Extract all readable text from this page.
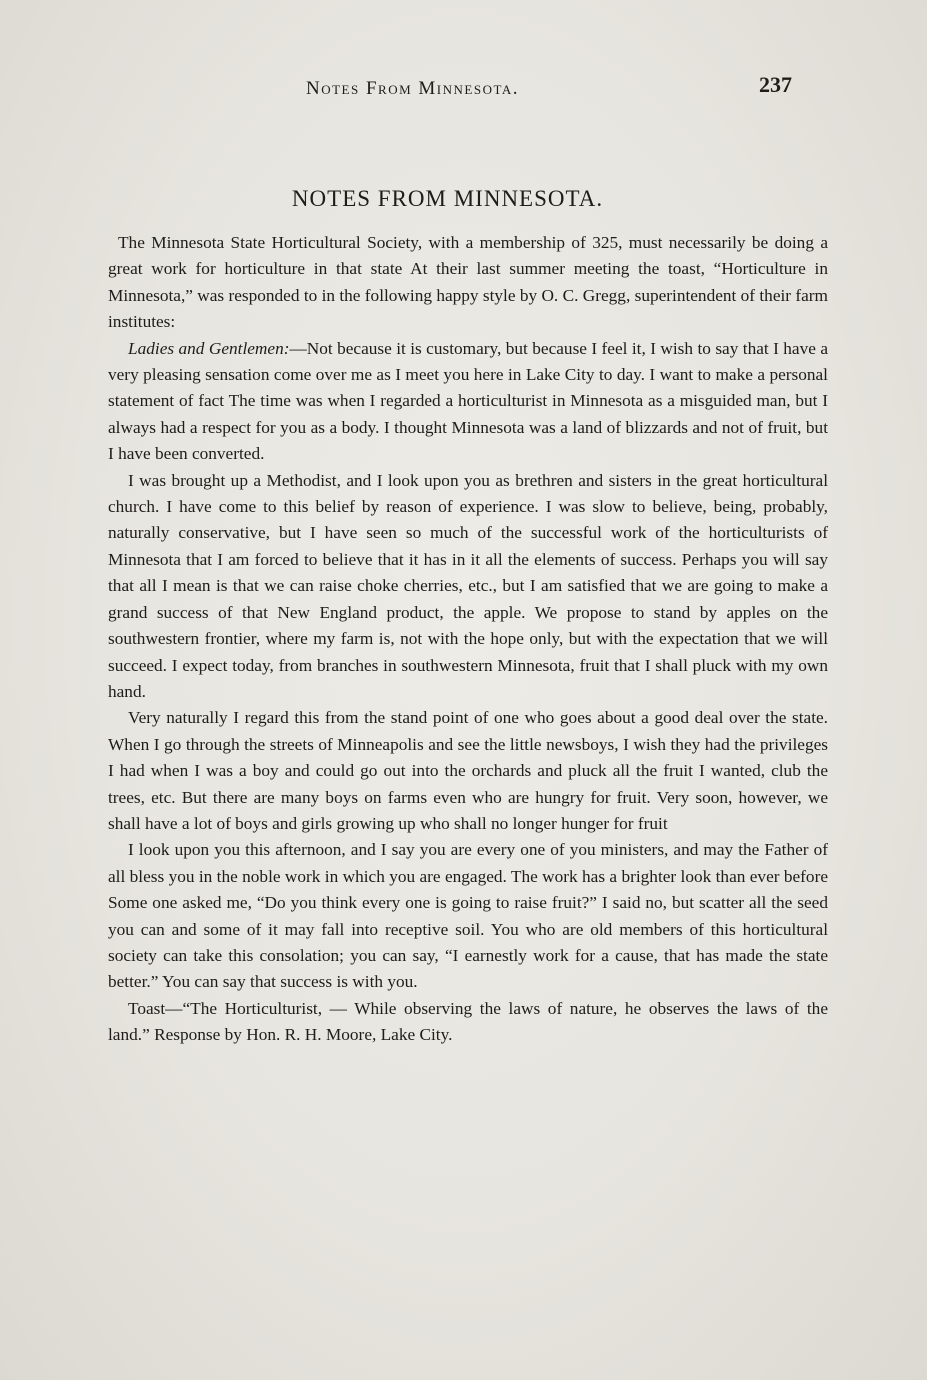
Notes From Minnesota.	237
NOTES FROM MINNESOTA.

The Minnesota State Horticultural Society, with a membership of 325, must necessarily be doing a great work for horticulture in that state At their last summer meeting the toast, “Horticulture in Minnesota,” was responded to in the following happy style by O. C. Gregg, superintendent of their farm institutes:

Ladies and Gentlemen:—Not because it is customary, but because I feel it, I wish to say that I have a very pleasing sensation come over me as I meet you here in Lake City to day. I want to make a personal statement of fact The time was when I regarded a horticulturist in Minnesota as a misguided man, but I always had a respect for you as a body. I thought Minnesota was a land of blizzards and not of fruit, but I have been converted.

I was brought up a Methodist, and I look upon you as brethren and sisters in the great horticultural church. I have come to this belief by reason of experience. I was slow to believe, being, probably, naturally conservative, but I have seen so much of the successful work of the horticulturists of Minnesota that I am forced to believe that it has in it all the elements of success. Perhaps you will say that all I mean is that we can raise choke cherries, etc., but I am satisfied that we are going to make a grand success of that New England product, the apple. We propose to stand by apples on the southwestern frontier, where my farm is, not with the hope only, but with the expectation that we will succeed. I expect today, from branches in southwestern Minnesota, fruit that I shall pluck with my own hand.

Very naturally I regard this from the stand point of one who goes about a good deal over the state. When I go through the streets of Minneapolis and see the little newsboys, I wish they had the privileges I had when I was a boy and could go out into the orchards and pluck all the fruit I wanted, club the trees, etc. But there are many boys on farms even who are hungry for fruit. Very soon, however, we shall have a lot of boys and girls growing up who shall no longer hunger for fruit

I look upon you this afternoon, and I say you are every one of you ministers, and may the Father of all bless you in the noble work in which you are engaged. The work has a brighter look than ever before Some one asked me, “Do you think every one is going to raise fruit?” I said no, but scatter all the seed you can and some of it may fall into receptive soil. You who are old members of this horticultural society can take this consolation; you can say, “I earnestly work for a cause, that has made the state better.” You can say that success is with you.

Toast—“The Horticulturist, — While observing the laws of nature, he observes the laws of the land.” Response by Hon. R. H. Moore, Lake City.
